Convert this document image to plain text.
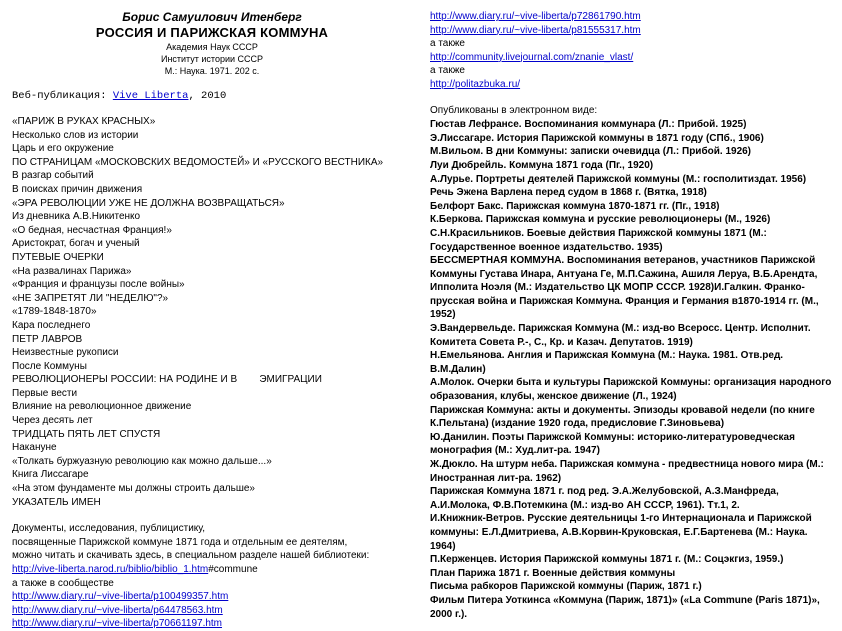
Борис Самуилович Итенберг
РОССИЯ И ПАРИЖСКАЯ КОММУНА
Академия Наук СССР
Институт истории СССР
М.: Наука. 1971. 202 с.
Веб-публикация: Vive Liberta, 2010
«ПАРИЖ В РУКАХ КРАСНЫХ»
Несколько слов из истории
Царь и его окружение
ПО СТРАНИЦАМ «МОСКОВСКИХ ВЕДОМОСТЕЙ» И «РУССКОГО ВЕСТНИКА»
В разгар событий
В поисках причин движения
«ЭРА РЕВОЛЮЦИИ УЖЕ НЕ ДОЛЖНА ВОЗВРАЩАТЬСЯ»
Из дневника А.В.Никитенко
«О бедная, несчастная Франция!»
Аристократ, богач и ученый
ПУТЕВЫЕ ОЧЕРКИ
«На развалинах Парижа»
«Франция и французы после войны»
«НЕ ЗАПРЕТЯТ ЛИ "НЕДЕЛЮ"?»
«1789-1848-1870»
Кара последнего
ПЕТР ЛАВРОВ
Неизвестные рукописи
После Коммуны
РЕВОЛЮЦИОНЕРЫ РОССИИ: НА РОДИНЕ И В        ЭМИГРАЦИИ
Первые вести
Влияние на революционное движение
Через десять лет
ТРИДЦАТЬ ПЯТЬ ЛЕТ СПУСТЯ
Накануне
«Толкать буржуазную революцию как можно дальше...»
Книга Лиссагаре
«На этом фундаменте мы должны строить дальше»
УКАЗАТЕЛЬ ИМЕН
Документы, исследования, публицистику,
посвященные Парижской коммуне 1871 года и отдельным ее деятелям,
можно читать и скачивать здесь, в специальном разделе нашей библиотеки:
http://vive-liberta.narod.ru/biblio/biblio_1.htm#commune
а также в сообществе
http://www.diary.ru/~vive-liberta/p100499357.htm
http://www.diary.ru/~vive-liberta/p64478563.htm
http://www.diary.ru/~vive-liberta/p70661197.htm
http://www.diary.ru/~vive-liberta/p72861790.htm
http://www.diary.ru/~vive-liberta/p81555317.htm
а также
http://community.livejournal.com/znanie_vlast/
а также
http://politazbuka.ru/
Опубликованы в электронном виде:
Гюстав Лефрансе. Воспоминания коммунара (Л.: Прибой. 1925)
Э.Лиссагаре. История Парижской коммуны в 1871 году (СПб., 1906)
М.Вильом. В дни Коммуны: записки очевидца (Л.: Прибой. 1926)
Луи Дюбрейль. Коммуна 1871 года (Пг., 1920)
А.Лурье. Портреты деятелей Парижской коммуны (М.: госполитиздат. 1956)
Речь Эжена Варлена перед судом в 1868 г. (Вятка, 1918)
Белфорт Бакс. Парижская коммуна 1870-1871 гг. (Пг., 1918)
К.Беркова. Парижская коммуна и русские революционеры (М., 1926)
С.Н.Красильников. Боевые действия Парижской коммуны 1871 (М.: Государственное военное издательство. 1935)
БЕССМЕРТНАЯ КОММУНА. Воспоминания ветеранов, участников Парижской Коммуны Густава Инара, Антуана Ге, М.П.Сажина, Ашиля Леруа, В.Б.Арендта, Ипполита Ноэля (М.: Издательство ЦК МОПР СССР. 1928)И.Галкин. Франко-прусская война и Парижская Коммуна. Франция и Германия в1870-1914 гг. (М., 1952)
Э.Вандервельде. Парижская Коммуна (М.: изд-во Всеросс. Центр. Исполнит. Комитета Совета Р.-, С., Кр. и Казач. Депутатов. 1919)
Н.Емельянова. Англия и Парижская Коммуна (М.: Наука. 1981. Отв.ред. В.М.Далин)
А.Молок. Очерки быта и культуры Парижской Коммуны: организация народного образования, клубы, женское движение (Л., 1924)
Парижская Коммуна: акты и документы. Эпизоды кровавой недели (по книге К.Пельтана) (издание 1920 года, предисловие Г.Зиновьева)
Ю.Данилин. Поэты Парижской Коммуны: историко-литературоведческая монография (М.: Худ.лит-ра. 1947)
Ж.Дюкло. На штурм неба. Парижская коммуна - предвестница нового мира (М.: Иностранная лит-ра. 1962)
Парижская Коммуна 1871 г. под ред. Э.А.Желубовской, А.З.Манфреда, А.И.Молока, Ф.В.Потемкина (М.: изд-во АН СССР, 1961). Тт.1, 2.
И.Книжник-Ветров. Русские деятельницы 1-го Интернационала и Парижской коммуны: Е.Л.Дмитриева, А.В.Корвин-Круковская, Е.Г.Бартенева (М.: Наука. 1964)
П.Керженцев. История Парижской коммуны 1871 г. (М.: Соцэкгиз, 1959.)
План Парижа 1871 г. Военные действия коммуны
Письма рабкоров Парижской коммуны (Париж, 1871 г.)
Фильм Питера Уоткинса «Коммуна (Париж, 1871)» («La Commune (Paris 1871)», 2000 г.).
